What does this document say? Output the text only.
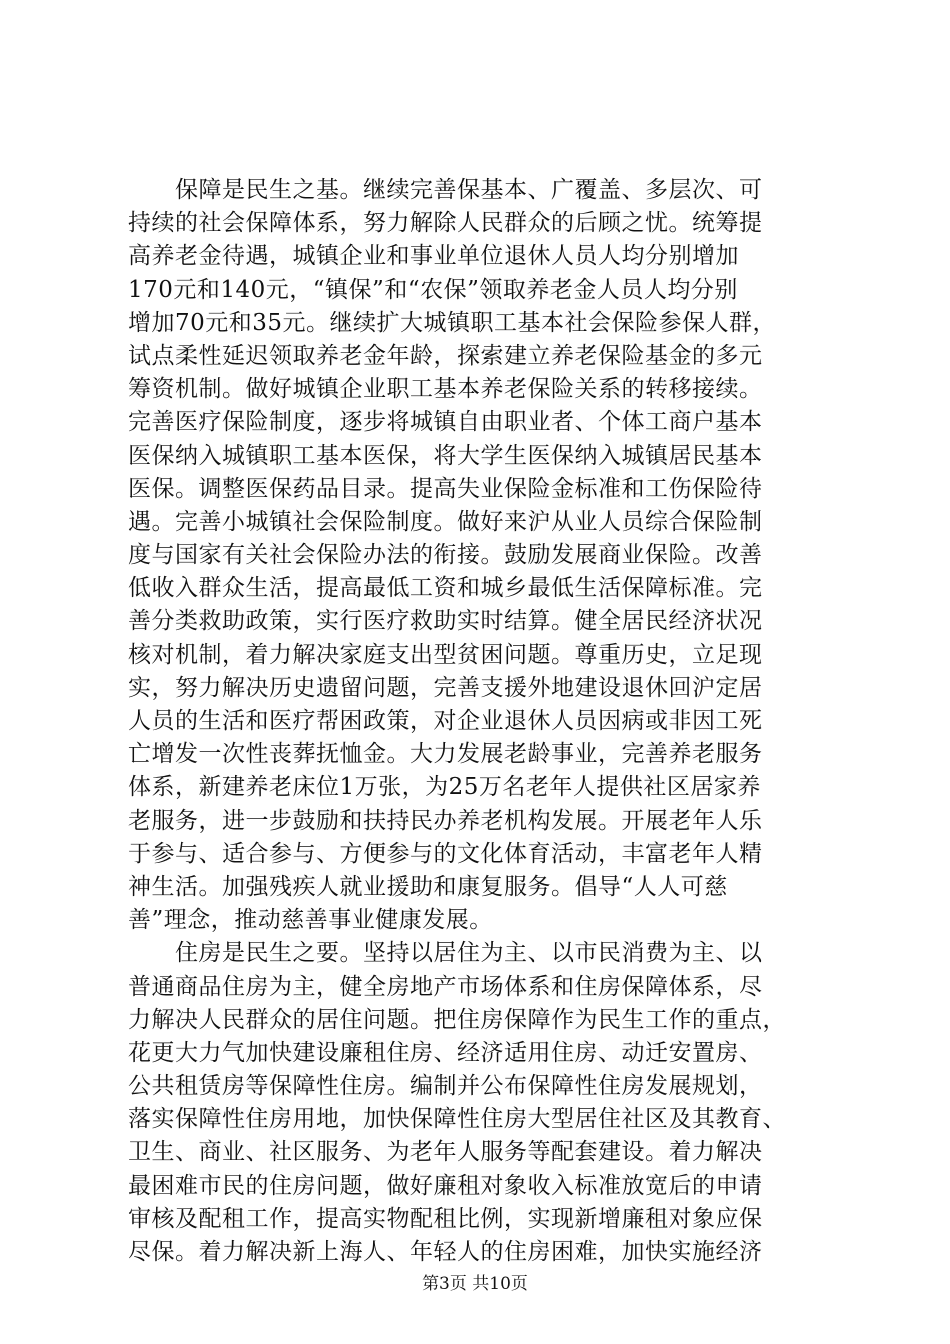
　　保障是民生之基。继续完善保基本、广覆盖、多层次、可
持续的社会保障体系，努力解除人民群众的后顾之忧。统筹提
高养老金待遇，城镇企业和事业单位退休人员人均分别增加
170元和140元，“镇保”和“农保”领取养老金人员人均分别
增加70元和35元。继续扩大城镇职工基本社会保险参保人群，
试点柔性延迟领取养老金年龄，探索建立养老保险基金的多元
筹资机制。做好城镇企业职工基本养老保险关系的转移接续。
完善医疗保险制度，逐步将城镇自由职业者、个体工商户基本
医保纳入城镇职工基本医保，将大学生医保纳入城镇居民基本
医保。调整医保药品目录。提高失业保险金标准和工伤保险待
遇。完善小城镇社会保险制度。做好来沪从业人员综合保险制
度与国家有关社会保险办法的衔接。鼓励发展商业保险。改善
低收入群众生活，提高最低工资和城乡最低生活保障标准。完
善分类救助政策，实行医疗救助实时结算。健全居民经济状况
核对机制，着力解决家庭支出型贫困问题。尊重历史，立足现
实，努力解决历史遗留问题，完善支援外地建设退休回沪定居
人员的生活和医疗帮困政策，对企业退休人员因病或非因工死
亡增发一次性丧葬抚恤金。大力发展老龄事业，完善养老服务
体系，新建养老床位1万张，为25万名老年人提供社区居家养
老服务，进一步鼓励和扶持民办养老机构发展。开展老年人乐
于参与、适合参与、方便参与的文化体育活动，丰富老年人精
神生活。加强残疾人就业援助和康复服务。倡导“人人可慈
善”理念，推动慈善事业健康发展。
　　住房是民生之要。坚持以居住为主、以市民消费为主、以
普通商品住房为主，健全房地产市场体系和住房保障体系，尽
力解决人民群众的居住问题。把住房保障作为民生工作的重点，
花更大力气加快建设廉租住房、经济适用住房、动迁安置房、
公共租赁房等保障性住房。编制并公布保障性住房发展规划，
落实保障性住房用地，加快保障性住房大型居住社区及其教育、
卫生、商业、社区服务、为老年人服务等配套建设。着力解决
最困难市民的住房问题，做好廉租对象收入标准放宽后的申请
审核及配租工作，提高实物配租比例，实现新增廉租对象应保
尽保。着力解决新上海人、年轻人的住房困难，加快实施经济
第3页 共10页
